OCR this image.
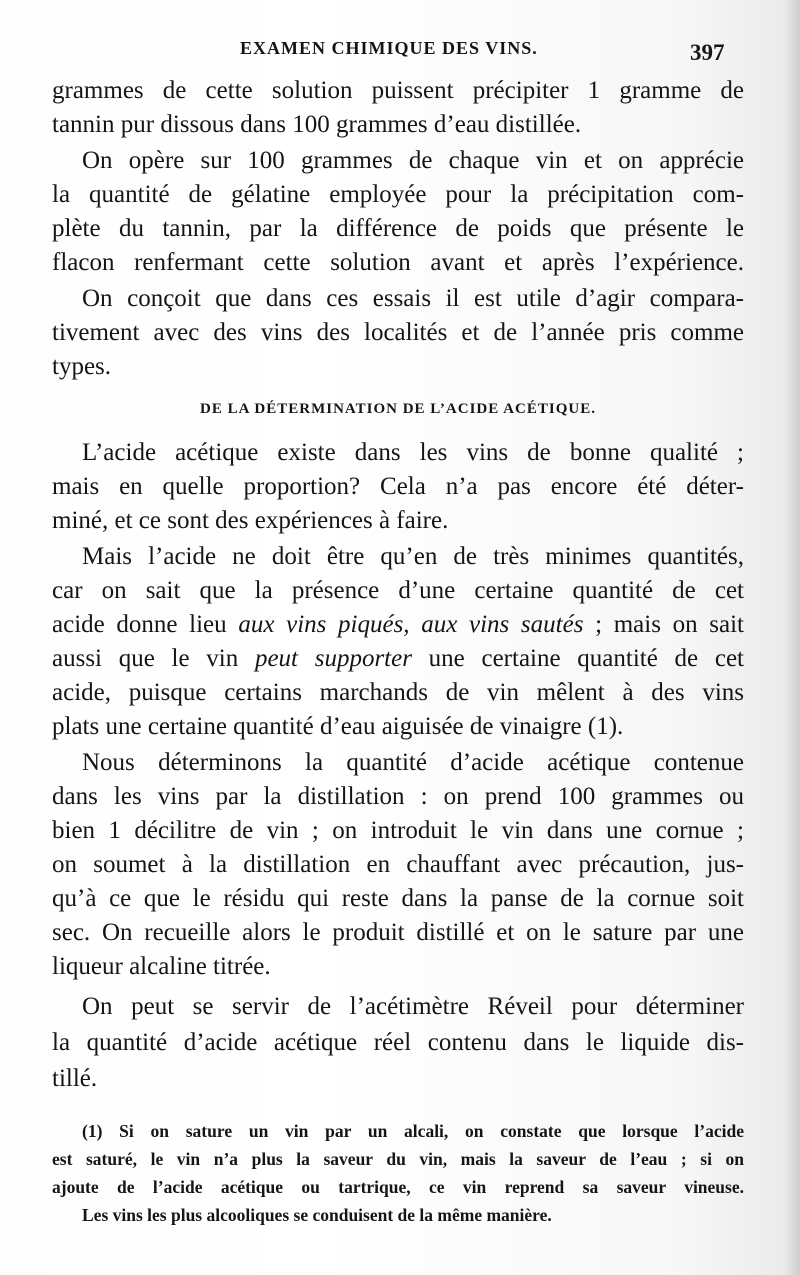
EXAMEN CHIMIQUE DES VINS.	397
grammes de cette solution puissent précipiter 1 gramme de
tannin pur dissous dans 100 grammes d’eau distillée.
On opère sur 100 grammes de chaque vin et on apprécie
la quantité de gélatine employée pour la précipitation com-
plète du tannin, par la différence de poids que présente le
flacon renfermant cette solution avant et après l’expérience.
On conçoit que dans ces essais il est utile d’agir compara-
tivement avec des vins des localités et de l’année pris comme
types.
DE LA DÉTERMINATION DE L’ACIDE ACÉTIQUE.
L’acide acétique existe dans les vins de bonne qualité ;
mais en quelle proportion? Cela n’a pas encore été déter-
miné, et ce sont des expériences à faire.
Mais l’acide ne doit être qu’en de très minimes quantités,
car on sait que la présence d’une certaine quantité de cet
acide donne lieu aux vins piqués, aux vins sautés ; mais on sait
aussi que le vin peut supporter une certaine quantité de cet
acide, puisque certains marchands de vin mêlent à des vins
plats une certaine quantité d’eau aiguisée de vinaigre (1).
Nous déterminons la quantité d’acide acétique contenue
dans les vins par la distillation : on prend 100 grammes ou
bien 1 décilitre de vin ; on introduit le vin dans une cornue ;
on soumet à la distillation en chauffant avec précaution, jus-
qu’à ce que le résidu qui reste dans la panse de la cornue soit
sec. On recueille alors le produit distillé et on le sature par une
liqueur alcaline titrée.
On peut se servir de l’acétimètre Réveil pour déterminer
la quantité d’acide acétique réel contenu dans le liquide dis-
tillé.
(1) Si on sature un vin par un alcali, on constate que lorsque l’acide
est saturé, le vin n’a plus la saveur du vin, mais la saveur de l’eau ; si on
ajoute de l’acide acétique ou tartrique, ce vin reprend sa saveur vineuse.
Les vins les plus alcooliques se conduisent de la même manière.
